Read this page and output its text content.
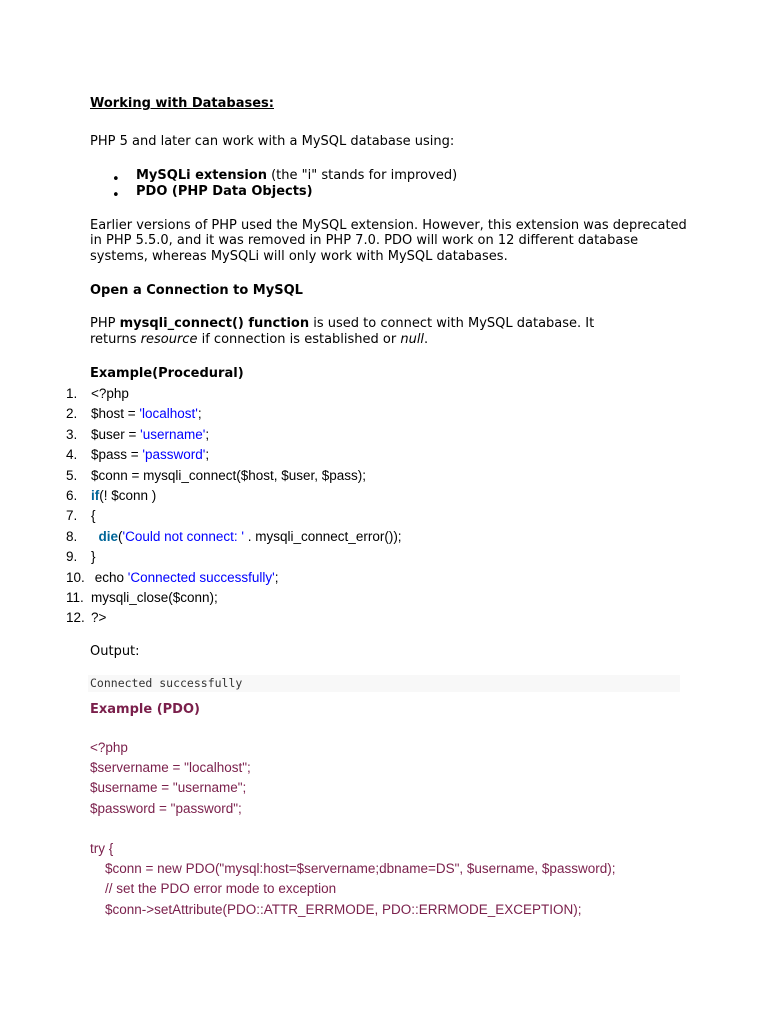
Working with Databases:
PHP 5 and later can work with a MySQL database using:
• MySQLi extension (the "i" stands for improved)
• PDO (PHP Data Objects)
Earlier versions of PHP used the MySQL extension. However, this extension was deprecated
in PHP 5.5.0, and it was removed in PHP 7.0. PDO will work on 12 different database
systems, whereas MySQLi will only work with MySQL databases.
Open a Connection to MySQL
PHP mysqli_connect() function is used to connect with MySQL database. It
returns resource if connection is established or null.
Example(Procedural)
1.	<?php
2.	$host = 'localhost';
3.	$user = 'username';
4.	$pass = 'password';
5.	$conn = mysqli_connect($host, $user, $pass);
6.	if(! $conn )
7.	{
8.	die('Could not connect: ' . mysqli_connect_error());
9.	}
10. echo 'Connected successfully';
11. mysqli_close($conn);
12. ?>
Output:
Connected successfully
Example (PDO)
<?php
$servername = "localhost";
$username = "username";
$password = "password";
try {
$conn = new PDO("mysql:host=$servername;dbname=DS", $username, $password);
// set the PDO error mode to exception
$conn->setAttribute(PDO::ATTR_ERRMODE, PDO::ERRMODE_EXCEPTION);
